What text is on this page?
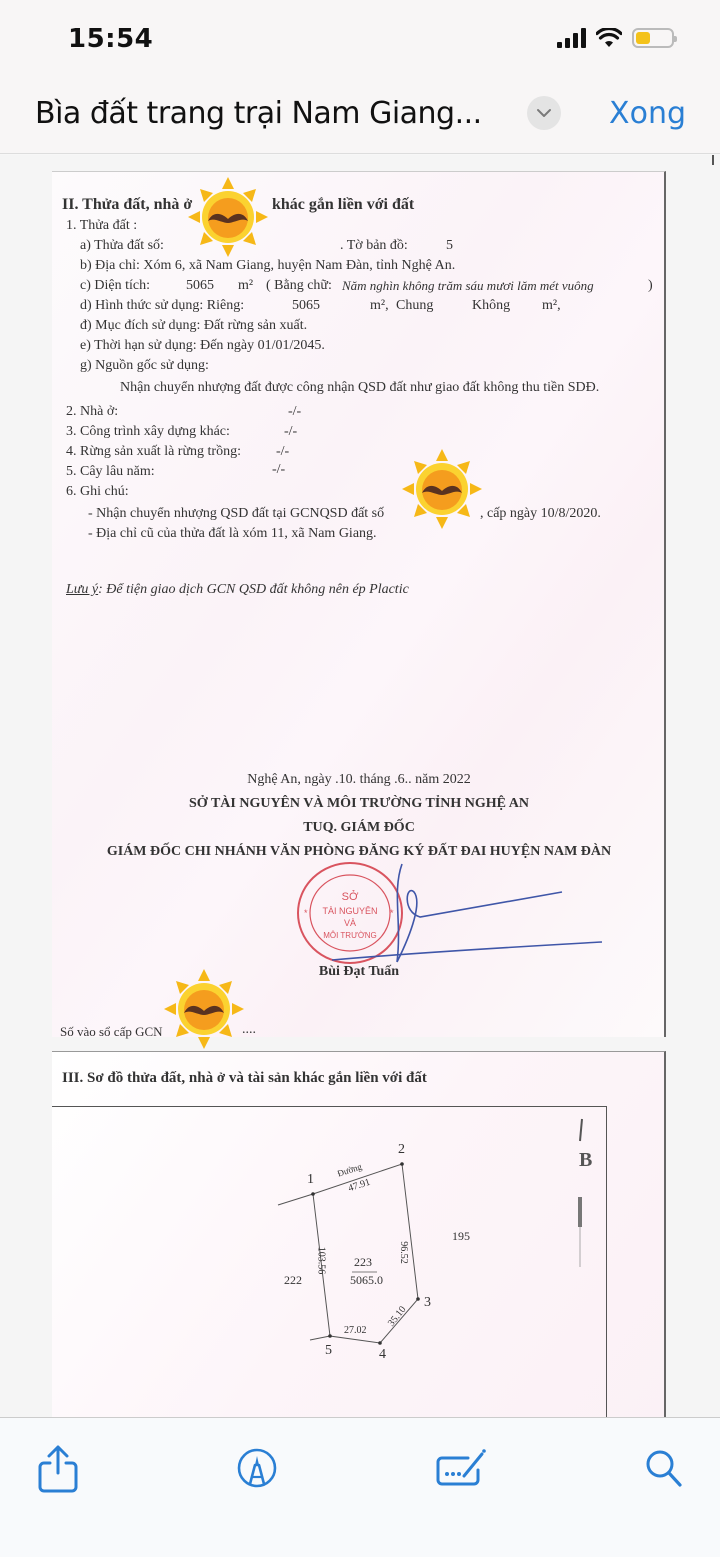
15:54
Bìa đất trang trại Nam Giang...	Xong
II. Thửa đất, nhà ở	khác gắn liền với đất
1. Thửa đất :
a) Thửa đất số:	. Tờ bản đồ:	5
b) Địa chỉ: Xóm 6, xã Nam Giang, huyện Nam Đàn, tỉnh Nghệ An.
c) Diện tích:	5065 m² ( Bằng chữ: Năm nghìn không trăm sáu mươi lăm mét vuông	)
d) Hình thức sử dụng: Riêng:	5065	m², Chung	Không m²,
đ) Mục đích sử dụng: Đất rừng sản xuất.
e) Thời hạn sử dụng: Đến ngày 01/01/2045.
g) Nguồn gốc sử dụng:
Nhận chuyển nhượng đất được công nhận QSD đất như giao đất không thu tiền SDĐ.
2. Nhà ở:	-/-
3. Công trình xây dựng khác:	-/-
4. Rừng sản xuất là rừng trồng:	-/-
5. Cây lâu năm:	-/-
6. Ghi chú:
- Nhận chuyển nhượng QSD đất tại GCNQSD đất số	, cấp ngày 10/8/2020.
- Địa chỉ cũ của thửa đất là xóm 11, xã Nam Giang.
Lưu ý: Để tiện giao dịch GCN QSD đất không nên ép Plactic
Nghệ An, ngày .10. tháng .6.. năm 2022
SỞ TÀI NGUYÊN VÀ MÔI TRƯỜNG TỈNH NGHỆ AN
TUQ. GIÁM ĐỐC
GIÁM ĐỐC CHI NHÁNH VĂN PHÒNG ĐĂNG KÝ ĐẤT ĐAI HUYỆN NAM ĐÀN
SỞ
TÀI NGUYÊN
VÀ
MÔI TRƯỜNG
*	*
Bùi Đạt Tuấn
Số vào sổ cấp GCN	....
III. Sơ đồ thửa đất, nhà ở và tài sản khác gắn liền với đất
1
2
3
4
5
Đường
47.91
96.52
35.10
27.02
103.56 223
5065.0
222
195
B
